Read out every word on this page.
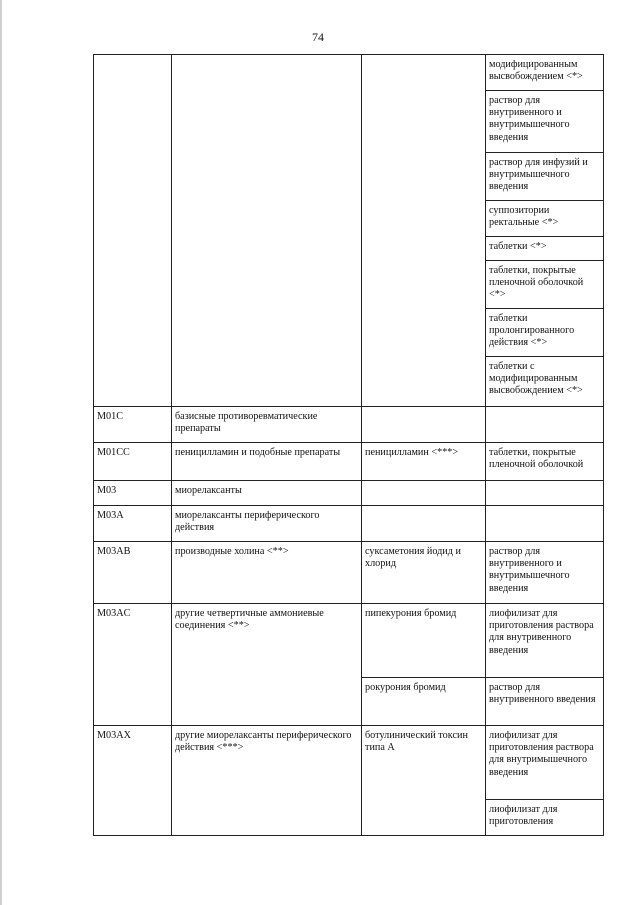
74
			модифицированным высвобождением <*>
			раствор для внутривенного и внутримышечного введения
			раствор для инфузий и внутримышечного введения
			суппозитории ректальные <*>
			таблетки <*>
			таблетки, покрытые пленочной оболочкой <*>
			таблетки пролонгированного действия <*>
			таблетки с модифицированным высвобождением <*>
M01C	базисные противоревматические препараты		
M01CC	пеницилламин и подобные препараты	пеницилламин <***>	таблетки, покрытые пленочной оболочкой
M03	миорелаксанты		
M03A	миорелаксанты периферического действия		
M03AB	производные холина <**>	суксаметония йодид и хлорид	раствор для внутривенного и внутримышечного введения
M03AC	другие четвертичные аммониевые соединения <**>	пипекурония бромид	лиофилизат для приготовления раствора для внутривенного введения
		рокурония бромид	раствор для внутривенного введения
M03AX	другие миорелаксанты периферического действия <***>	ботулинический токсин типа А	лиофилизат для приготовления раствора для внутримышечного введения
			лиофилизат для приготовления
